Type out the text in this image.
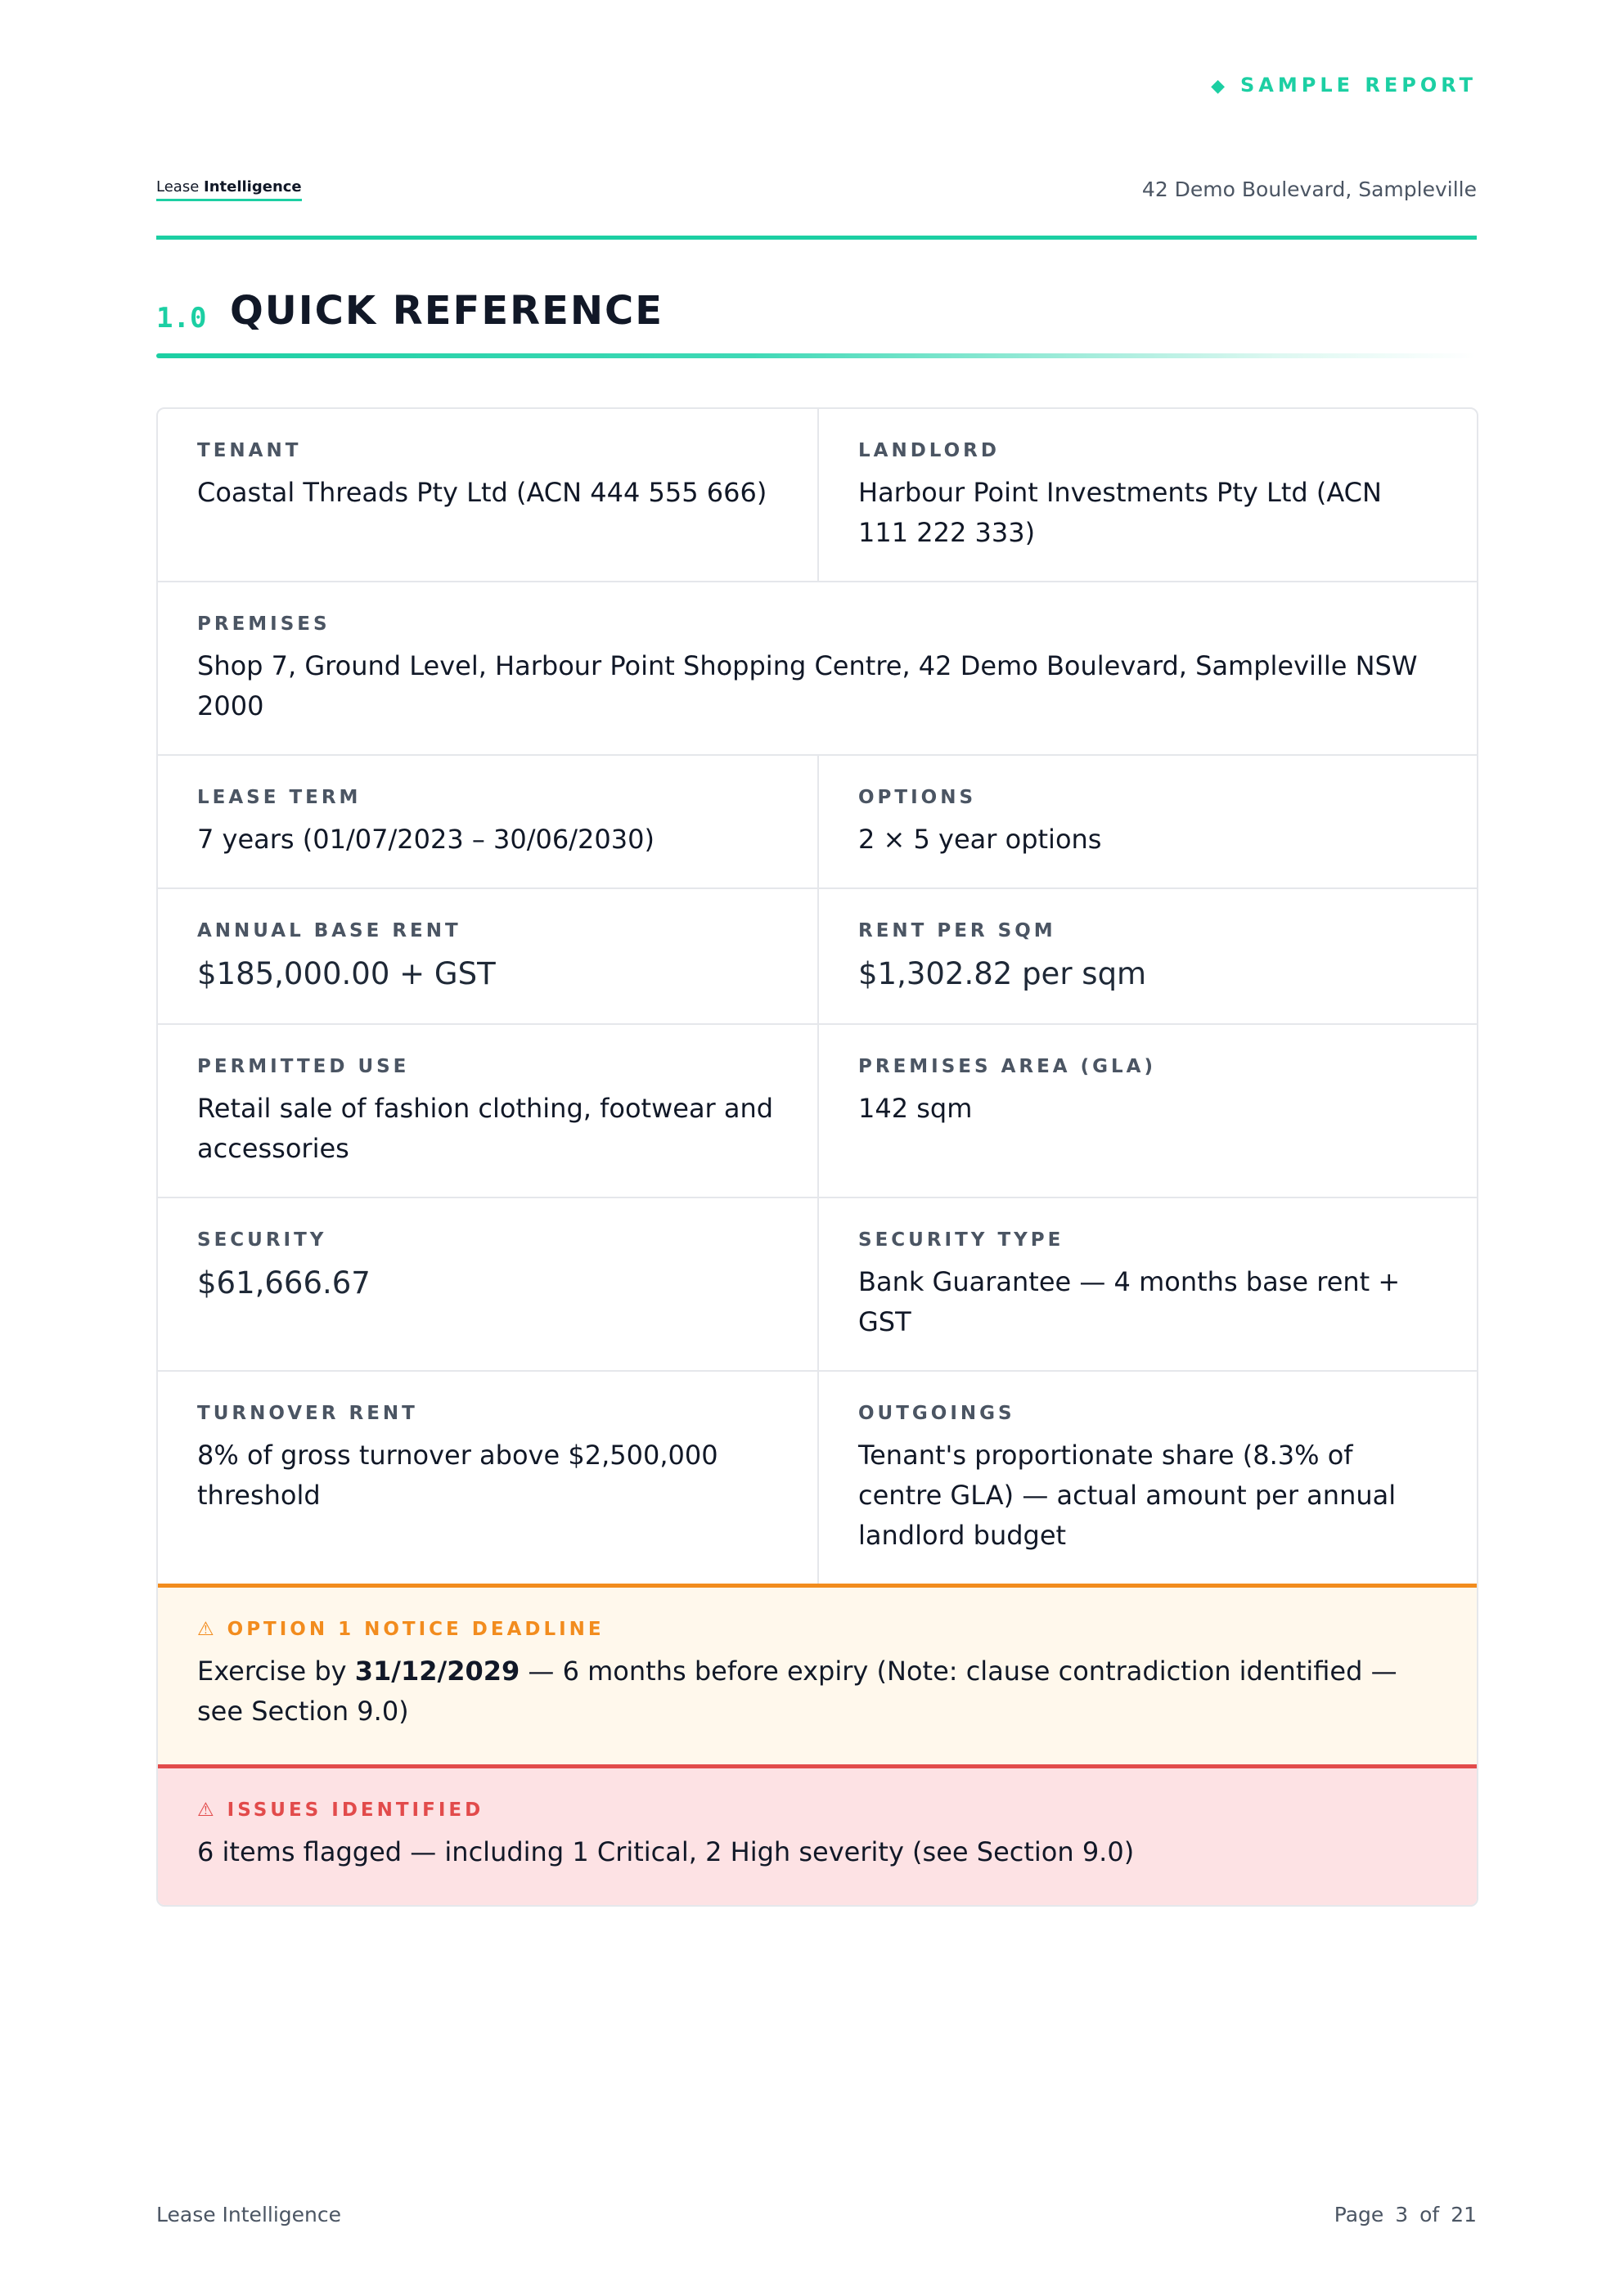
◆ SAMPLE REPORT
Lease Intelligence	42 Demo Boulevard, Sampleville
1.0 QUICK REFERENCE
TENANT
Coastal Threads Pty Ltd (ACN 444 555 666)
LANDLORD
Harbour Point Investments Pty Ltd (ACN 111 222 333)
PREMISES
Shop 7, Ground Level, Harbour Point Shopping Centre, 42 Demo Boulevard, Sampleville NSW 2000
LEASE TERM
7 years (01/07/2023 – 30/06/2030)
OPTIONS
2 × 5 year options
ANNUAL BASE RENT
$185,000.00 + GST
RENT PER SQM
$1,302.82 per sqm
PERMITTED USE
Retail sale of fashion clothing, footwear and accessories
PREMISES AREA (GLA)
142 sqm
SECURITY
$61,666.67
SECURITY TYPE
Bank Guarantee — 4 months base rent + GST
TURNOVER RENT
8% of gross turnover above $2,500,000 threshold
OUTGOINGS
Tenant's proportionate share (8.3% of centre GLA) — actual amount per annual landlord budget
⚠ OPTION 1 NOTICE DEADLINE
Exercise by 31/12/2029 — 6 months before expiry (Note: clause contradiction identified — see Section 9.0)
⚠ ISSUES IDENTIFIED
6 items flagged — including 1 Critical, 2 High severity (see Section 9.0)
Lease Intelligence	Page 3 of 21
